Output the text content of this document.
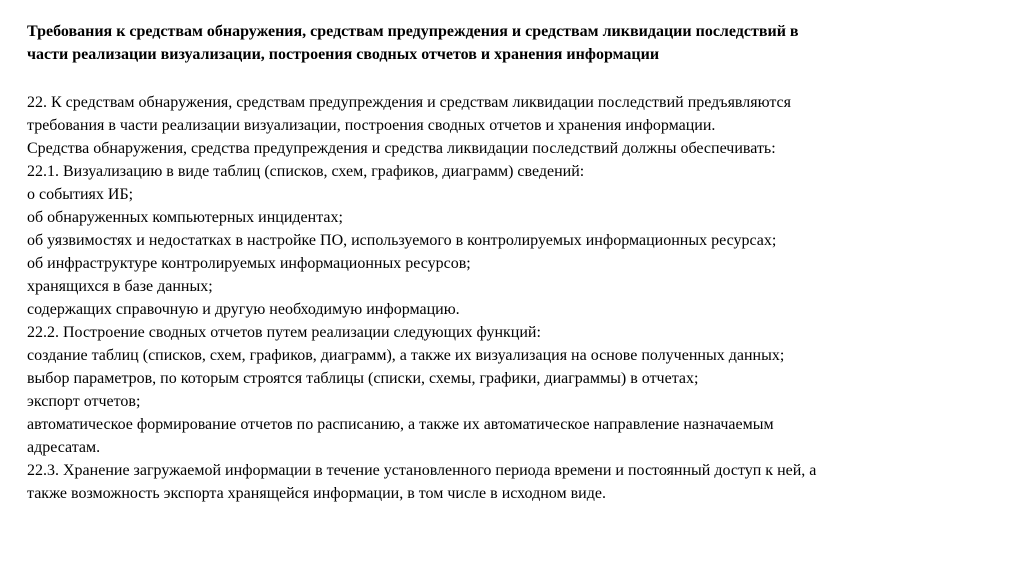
Требования к средствам обнаружения, средствам предупреждения и средствам ликвидации последствий в
части реализации визуализации, построения сводных отчетов и хранения информации
22. К средствам обнаружения, средствам предупреждения и средствам ликвидации последствий предъявляются
требования в части реализации визуализации, построения сводных отчетов и хранения информации.
Средства обнаружения, средства предупреждения и средства ликвидации последствий должны обеспечивать:
22.1. Визуализацию в виде таблиц (списков, схем, графиков, диаграмм) сведений:
о событиях ИБ;
об обнаруженных компьютерных инцидентах;
об уязвимостях и недостатках в настройке ПО, используемого в контролируемых информационных ресурсах;
об инфраструктуре контролируемых информационных ресурсов;
хранящихся в базе данных;
содержащих справочную и другую необходимую информацию.
22.2. Построение сводных отчетов путем реализации следующих функций:
создание таблиц (списков, схем, графиков, диаграмм), а также их визуализация на основе полученных данных;
выбор параметров, по которым строятся таблицы (списки, схемы, графики, диаграммы) в отчетах;
экспорт отчетов;
автоматическое формирование отчетов по расписанию, а также их автоматическое направление назначаемым
адресатам.
22.3. Хранение загружаемой информации в течение установленного периода времени и постоянный доступ к ней, а
также возможность экспорта хранящейся информации, в том числе в исходном виде.
